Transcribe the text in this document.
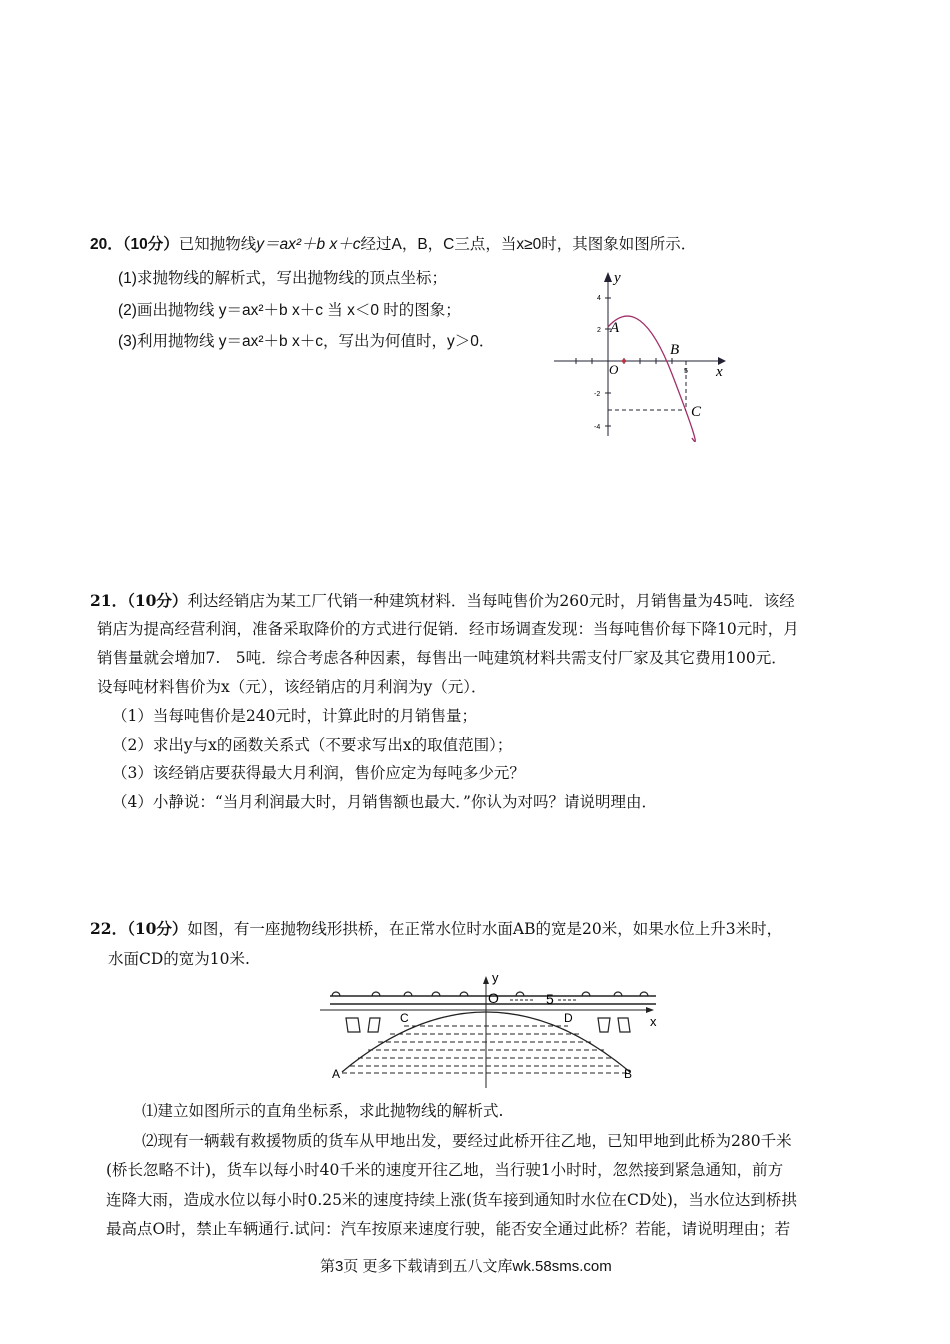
20．（10分）已知抛物线y＝ax²＋b x＋c经过A，B，C三点，当x≥0时，其图象如图所示．
(1)求抛物线的解析式，写出抛物线的顶点坐标；
(2)画出抛物线 y＝ax²＋b x＋c 当 x＜0 时的图象；
(3)利用抛物线 y＝ax²＋b x＋c，写出为何值时，y＞0．
y
x
O
A
B
C
4
2
-2
-4
5
21．（10分）利达经销店为某工厂代销一种建筑材料．当每吨售价为260元时，月销售量为45吨．该经
销店为提高经营利润，准备采取降价的方式进行促销．经市场调查发现：当每吨售价每下降10元时，月
销售量就会增加7.　5吨．综合考虑各种因素，每售出一吨建筑材料共需支付厂家及其它费用100元．
设每吨材料售价为x（元），该经销店的月利润为y（元）．
（1）当每吨售价是240元时，计算此时的月销售量；
（2）求出y与x的函数关系式（不要求写出x的取值范围）；
（3）该经销店要获得最大月利润，售价应定为每吨多少元？
（4）小静说：“当月利润最大时，月销售额也最大．”你认为对吗？请说明理由．
22．（10分）如图，有一座抛物线形拱桥，在正常水位时水面AB的宽是20米，如果水位上升3米时，
水面CD的宽为10米.
y
x
O	5
C	D
A	B
⑴建立如图所示的直角坐标系，求此抛物线的解析式.
⑵现有一辆载有救援物质的货车从甲地出发，要经过此桥开往乙地，已知甲地到此桥为280千米
(桥长忽略不计)，货车以每小时40千米的速度开往乙地，当行驶1小时时，忽然接到紧急通知，前方
连降大雨，造成水位以每小时0.25米的速度持续上涨(货车接到通知时水位在CD处)，当水位达到桥拱
最高点O时，禁止车辆通行.试问：汽车按原来速度行驶，能否安全通过此桥？若能，请说明理由；若
第3页 更多下载请到五八文库wk.58sms.com
